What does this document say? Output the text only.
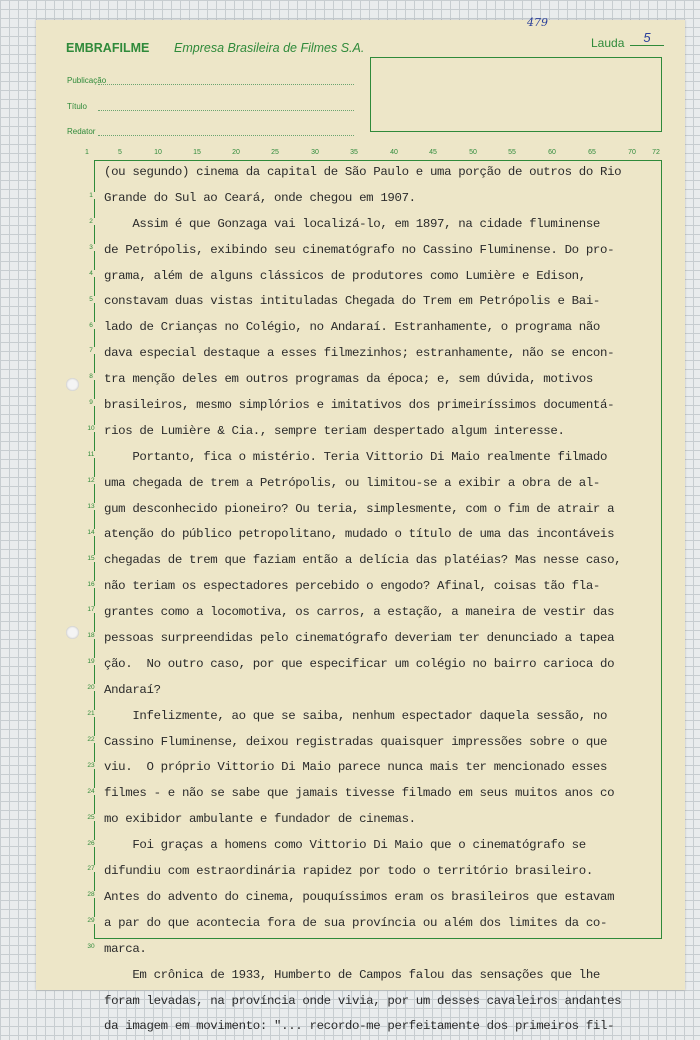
479
EMBRAFILME Empresa Brasileira de Filmes S.A.	Lauda	5
Publicação
Título
Redator
1	5	10	15	20	25	30	35	40	45	50	55	60	65	70 72
1
2
3
4
5
6
7
8
9
10
11
12
13
14
15
16
17
18
19
20
21
22
23
24
25
26
27
28
29
30
(ou segundo) cinema da capital de São Paulo e uma porção de outros do Rio
Grande do Sul ao Ceará, onde chegou em 1907.
Assim é que Gonzaga vai localizá-lo, em 1897, na cidade fluminense
de Petrópolis, exibindo seu cinematógrafo no Cassino Fluminense. Do pro-
grama, além de alguns clássicos de produtores como Lumière e Edison,
constavam duas vistas intituladas Chegada do Trem em Petrópolis e Bai-
lado de Crianças no Colégio, no Andaraí. Estranhamente, o programa não
dava especial destaque a esses filmezinhos; estranhamente, não se encon-
tra menção deles em outros programas da época; e, sem dúvida, motivos
brasileiros, mesmo simplórios e imitativos dos primeiríssimos documentá-
rios de Lumière & Cia., sempre teriam despertado algum interesse.
Portanto, fica o mistério. Teria Vittorio Di Maio realmente filmado
uma chegada de trem a Petrópolis, ou limitou-se a exibir a obra de al-
gum desconhecido pioneiro? Ou teria, simplesmente, com o fim de atrair a
atenção do público petropolitano, mudado o título de uma das incontáveis
chegadas de trem que faziam então a delícia das platéias? Mas nesse caso,
não teriam os espectadores percebido o engodo? Afinal, coisas tão fla-
grantes como a locomotiva, os carros, a estação, a maneira de vestir das
pessoas surpreendidas pelo cinematógrafo deveriam ter denunciado a tapea
ção.  No outro caso, por que especificar um colégio no bairro carioca do
Andaraí?
Infelizmente, ao que se saiba, nenhum espectador daquela sessão, no
Cassino Fluminense, deixou registradas quaisquer impressões sobre o que
viu.  O próprio Vittorio Di Maio parece nunca mais ter mencionado esses
filmes - e não se sabe que jamais tivesse filmado em seus muitos anos co
mo exibidor ambulante e fundador de cinemas.
Foi graças a homens como Vittorio Di Maio que o cinematógrafo se
difundiu com estraordinária rapidez por todo o território brasileiro.
Antes do advento do cinema, pouquíssimos eram os brasileiros que estavam
a par do que acontecia fora de sua província ou além dos limites da co-
marca.
Em crônica de 1933, Humberto de Campos falou das sensações que lhe
foram levadas, na província onde vivia, por um desses cavaleiros andantes
da imagem em movimento: "... recordo-me perfeitamente dos primeiros fil-
